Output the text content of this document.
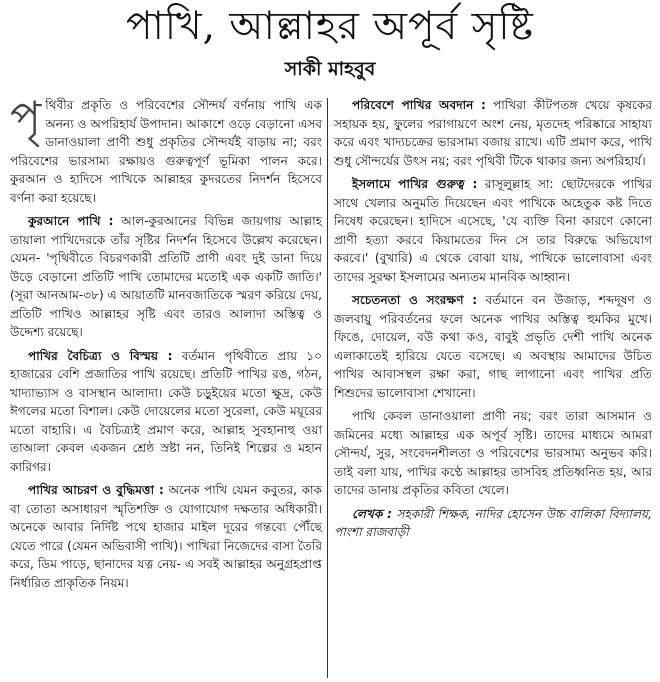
পাখি, আল্লাহর অপূর্ব সৃষ্টি
সাকী মাহবুব

পৃথিবীর প্রকৃতি ও পরিবেশের সৌন্দর্য বর্ণনায় পাখি এক অনন্য ও অপরিহার্য উপাদান। আকাশে ওড়ে বেড়ানো এসব ডানাওয়ালা প্রাণী শুধু প্রকৃতির সৌন্দর্যই বাড়ায় না; বরং পরিবেশের ভারসাম্য রক্ষায়ও গুরুত্বপূর্ণ ভূমিকা পালন করে। কুরআন ও হাদিসে পাখিকে আল্লাহর কুদরতের নিদর্শন হিসেবে বর্ণনা করা হয়েছে।

কুরআনে পাখি : আল-কুরআনের বিভিন্ন জায়গায় আল্লাহ তায়ালা পাখিদেরকে তাঁর সৃষ্টির নিদর্শন হিসেবে উল্লেখ করেছেন। যেমন- 'পৃথিবীতে বিচরণকারী প্রতিটি প্রাণী এবং দুই ডানা দিয়ে উড়ে বেড়ানো প্রতিটি পাখি তোমাদের মতোই এক একটি জাতি।' (সূরা আনআম-৩৮) এ আয়াতটি মানবজাতিকে স্মরণ করিয়ে দেয়, প্রতিটি পাখিও আল্লাহর সৃষ্টি এবং তারও আলাদা অস্তিত্ব ও উদ্দেশ্য রয়েছে।

পাখির বৈচিত্র্য ও বিস্ময় : বর্তমান পৃথিবীতে প্রায় ১০ হাজারের বেশি প্রজাতির পাখি রয়েছে। প্রতিটি পাখির রঙ, গঠন, খাদ্যাভ্যাস ও বাসস্থান আলাদা। কেউ চড়ুইয়ের মতো ক্ষুদ্র, কেউ ঈগলের মতো বিশাল। কেউ দোয়েলের মতো সুরেলা, কেউ ময়ূরের মতো বাহারি। এ বৈচিত্র্যই প্রমাণ করে, আল্লাহ সুবহানাহু ওয়া তাআলা কেবল একজন শ্রেষ্ঠ স্রষ্টা নন, তিনিই শিল্পের ও মহান কারিগর।

পাখির আচরণ ও বুদ্ধিমত্তা : অনেক পাখি যেমন কবুতর, কাক বা তোতা অসাধারণ স্মৃতিশক্তি ও যোগাযোগ দক্ষতার অধিকারী। অনেকে আবার নির্দিষ্ট পথে হাজার মাইল দূরের গন্তব্যে পৌঁছে যেতে পারে (যেমন অভিবাসী পাখি)। পাখিরা নিজেদের বাসা তৈরি করে, ডিম পাড়ে, ছানাদের যত্ন নেয়- এ সবই আল্লাহর অনুগ্রহপ্রাপ্ত নির্ধারিত প্রাকৃতিক নিয়ম।

পরিবেশে পাখির অবদান : পাখিরা কীটপতঙ্গ খেয়ে কৃষকের সহায়ক হয়, ফুলের পরাগায়ণে অংশ নেয়, মৃতদেহ পরিষ্কারে সাহায্য করে এবং খাদ্যচক্রের ভারসাম্য বজায় রাখে। এটি প্রমাণ করে, পাখি শুধু সৌন্দর্যের উৎস নয়; বরং পৃথিবী টিকে থাকার জন্য অপরিহার্য।

ইসলামে পাখির গুরুত্ব : রাসূলুল্লাহ সা: ছোটদেরকে পাখির সাথে খেলার অনুমতি দিয়েছেন এবং পাখিকে অহেতুক কষ্ট দিতে নিষেধ করেছেন। হাদিসে এসেছে, 'যে ব্যক্তি বিনা কারণে কোনো প্রাণী হত্যা করবে কিয়ামতের দিন সে তার বিরুদ্ধে অভিযোগ করবে।' (বুখারি) এ থেকে বোঝা যায়, পাখিকে ভালোবাসা এবং তাদের সুরক্ষা ইসলামের অন্যতম মানবিক আহ্বান।

সচেতনতা ও সংরক্ষণ : বর্তমানে বন উজাড়, শব্দদূষণ ও জলবায়ু পরিবর্তনের ফলে অনেক পাখির অস্তিত্ব হুমকির মুখে। ফিঙে, দোয়েল, বউ কথা কও, বাবুই প্রভৃতি দেশী পাখি অনেক এলাকাতেই হারিয়ে যেতে বসেছে। এ অবস্থায় আমাদের উচিত পাখির আবাসস্থল রক্ষা করা, গাছ লাগানো এবং পাখির প্রতি শিশুদের ভালোবাসা শেখানো।

পাখি কেবল ডানাওয়ালা প্রাণী নয়; বরং তারা আসমান ও জমিনের মধ্যে আল্লাহর এক অপূর্ব সৃষ্টি। তাদের মাধ্যমে আমরা সৌন্দর্য, সুর, সংবেদনশীলতা ও পরিবেশের ভারসাম্য অনুভব করি। তাই বলা যায়, পাখির কণ্ঠে আল্লাহর তাসবিহ প্রতিধ্বনিত হয়, আর তাদের ডানায় প্রকৃতির কবিতা খেলে।

লেখক : সহকারী শিক্ষক, নাদির হোসেন উচ্চ বালিকা বিদ্যালয়, পাংশা রাজবাড়ী
